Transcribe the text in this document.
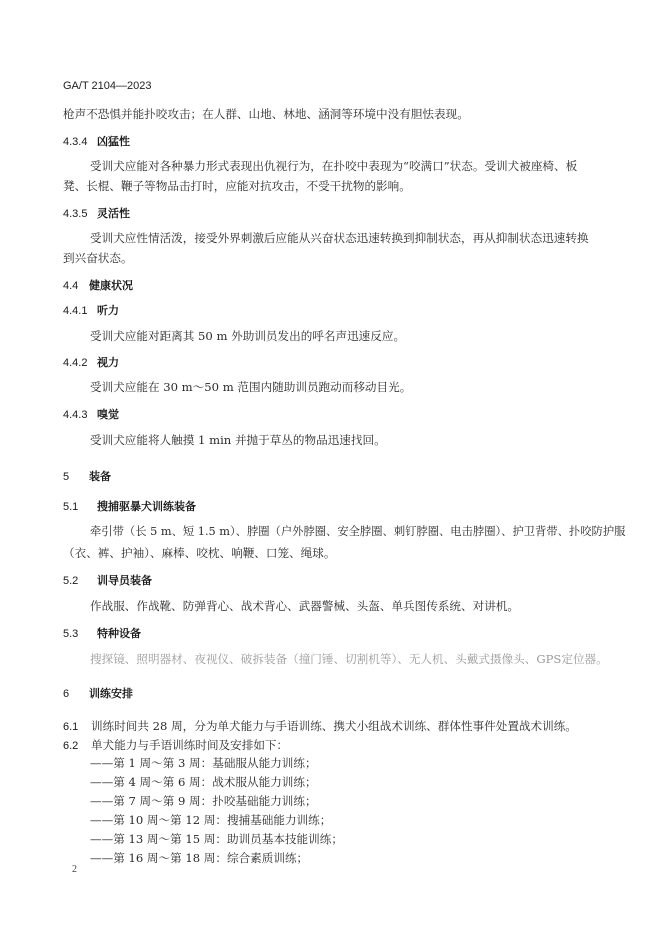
GA/T 2104—2023
枪声不恐惧并能扑咬攻击；在人群、山地、林地、涵洞等环境中没有胆怯表现。
4.3.4 凶猛性
受训犬应能对各种暴力形式表现出仇视行为，在扑咬中表现为“咬满口”状态。受训犬被座椅、板
凳、长棍、鞭子等物品击打时，应能对抗攻击，不受干扰物的影响。
4.3.5 灵活性
受训犬应性情活泼，接受外界刺激后应能从兴奋状态迅速转换到抑制状态，再从抑制状态迅速转换
到兴奋状态。
4.4 健康状况
4.4.1 听力
受训犬应能对距离其 50 m 外助训员发出的呼名声迅速反应。
4.4.2 视力
受训犬应能在 30 m～50 m 范围内随助训员跑动而移动目光。
4.4.3 嗅觉
受训犬应能将人触摸 1 min 并抛于草丛的物品迅速找回。
5 装备
5.1 搜捕驱暴犬训练装备
牵引带（长 5 m、短 1.5 m）、脖圈（户外脖圈、安全脖圈、刺钉脖圈、电击脖圈）、护卫背带、扑咬防护服
（衣、裤、护袖）、麻棒、咬枕、响鞭、口笼、绳球。
5.2 训导员装备
作战服、作战靴、防弹背心、战术背心、武器警械、头盔、单兵图传系统、对讲机。
5.3 特种设备
搜探镜、照明器材、夜视仪、破拆装备（撞门锤、切割机等）、无人机、头戴式摄像头、GPS定位器。
6 训练安排
6.1 训练时间共 28 周，分为单犬能力与手语训练、携犬小组战术训练、群体性事件处置战术训练。
6.2 单犬能力与手语训练时间及安排如下：
——第 1 周～第 3 周：基础服从能力训练；
——第 4 周～第 6 周：战术服从能力训练；
——第 7 周～第 9 周：扑咬基础能力训练；
——第 10 周～第 12 周：搜捕基础能力训练；
——第 13 周～第 15 周：助训员基本技能训练；
——第 16 周～第 18 周：综合素质训练；
2
